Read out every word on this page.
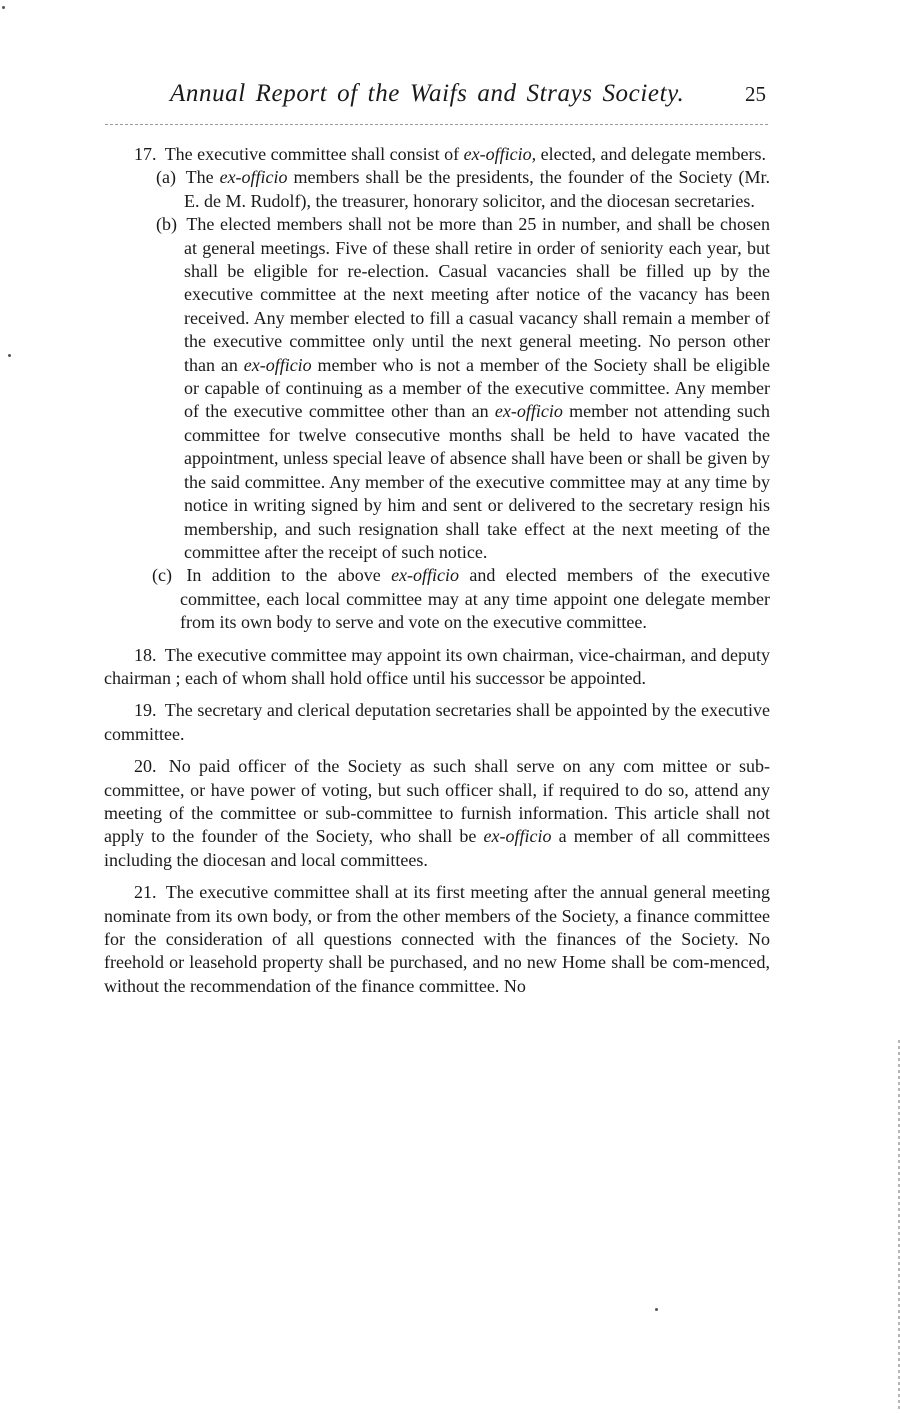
Annual Report of the Waifs and Strays Society.	25

17. The executive committee shall consist of ex-officio, elected, and delegate members.

(a) The ex-officio members shall be the presidents, the founder of the Society (Mr. E. de M. Rudolf), the treasurer, honorary solicitor, and the diocesan secretaries.

(b) The elected members shall not be more than 25 in number, and shall be chosen at general meetings. Five of these shall retire in order of seniority each year, but shall be eligible for re-election. Casual vacancies shall be filled up by the executive committee at the next meeting after notice of the vacancy has been received. Any member elected to fill a casual vacancy shall remain a member of the executive committee only until the next general meeting. No person other than an ex-officio member who is not a member of the Society shall be eligible or capable of continuing as a member of the executive committee. Any member of the executive committee other than an ex-officio member not attending such committee for twelve consecutive months shall be held to have vacated the appointment, unless special leave of absence shall have been or shall be given by the said committee. Any member of the executive committee may at any time by notice in writing signed by him and sent or delivered to the secretary resign his membership, and such resignation shall take effect at the next meeting of the committee after the receipt of such notice.

(c) In addition to the above ex-officio and elected members of the executive committee, each local committee may at any time appoint one delegate member from its own body to serve and vote on the executive committee.

18. The executive committee may appoint its own chairman, vice-chairman, and deputy chairman ; each of whom shall hold office until his successor be appointed.

19. The secretary and clerical deputation secretaries shall be appointed by the executive committee.

20. No paid officer of the Society as such shall serve on any com mittee or sub-committee, or have power of voting, but such officer shall, if required to do so, attend any meeting of the committee or sub-committee to furnish information. This article shall not apply to the founder of the Society, who shall be ex-officio a member of all committees including the diocesan and local committees.

21. The executive committee shall at its first meeting after the annual general meeting nominate from its own body, or from the other members of the Society, a finance committee for the consideration of all questions connected with the finances of the Society. No freehold or leasehold property shall be purchased, and no new Home shall be com-menced, without the recommendation of the finance committee. No
